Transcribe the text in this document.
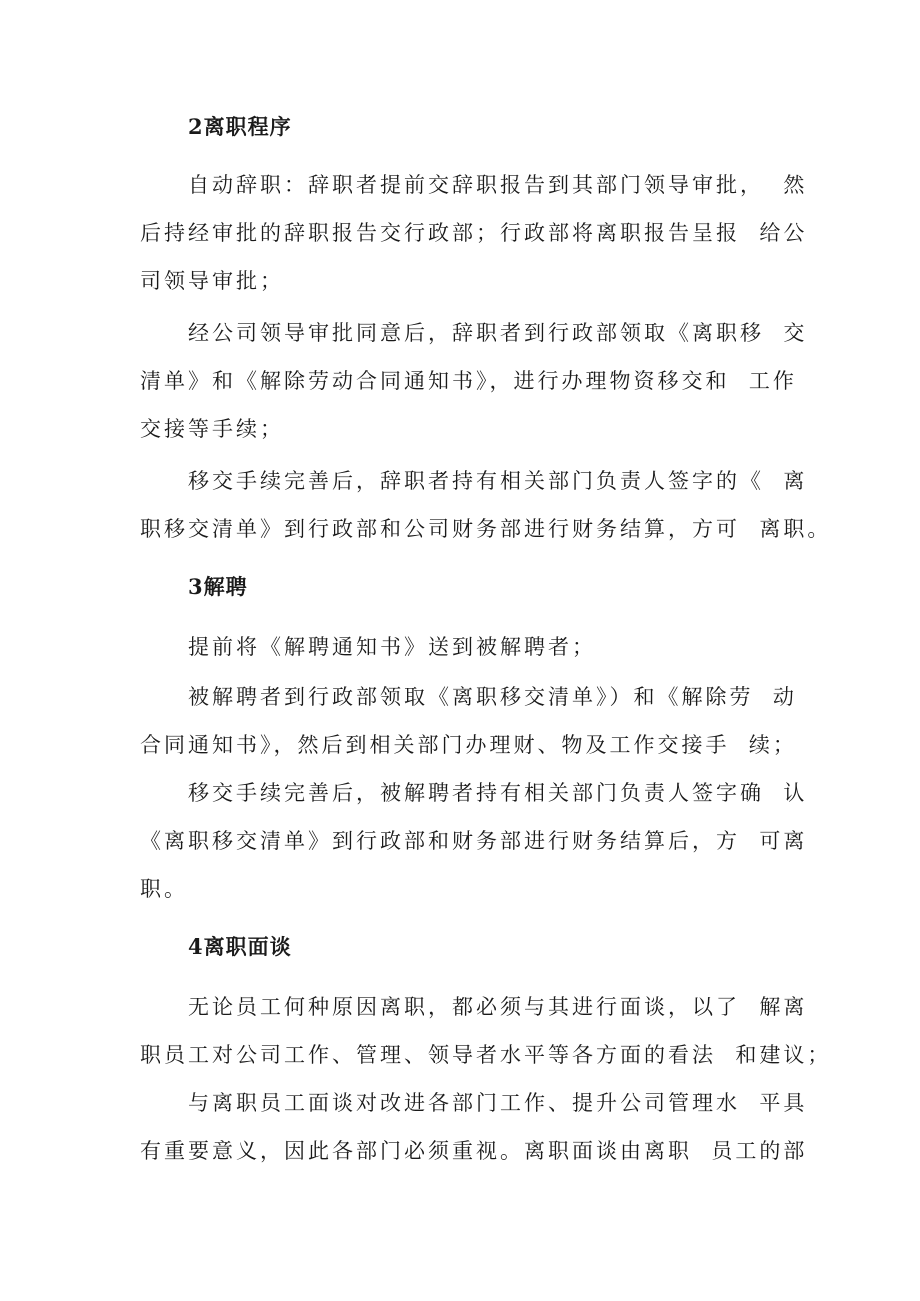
2离职程序
自动辞职：辞职者提前交辞职报告到其部门领导审批，  然
后持经审批的辞职报告交行政部；行政部将离职报告呈报  给公
司领导审批；
经公司领导审批同意后，辞职者到行政部领取《离职移  交
清单》和《解除劳动合同通知书》，进行办理物资移交和  工作
交接等手续；
移交手续完善后，辞职者持有相关部门负责人签字的《  离
职移交清单》到行政部和公司财务部进行财务结算，方可  离职。
3解聘
提前将《解聘通知书》送到被解聘者；
被解聘者到行政部领取《离职移交清单》）和《解除劳  动
合同通知书》，然后到相关部门办理财、物及工作交接手  续；
移交手续完善后，被解聘者持有相关部门负责人签字确  认
《离职移交清单》到行政部和财务部进行财务结算后，方  可离
职。
4离职面谈
无论员工何种原因离职，都必须与其进行面谈，以了  解离
职员工对公司工作、管理、领导者水平等各方面的看法  和建议；
与离职员工面谈对改进各部门工作、提升公司管理水  平具
有重要意义，因此各部门必须重视。离职面谈由离职  员工的部
